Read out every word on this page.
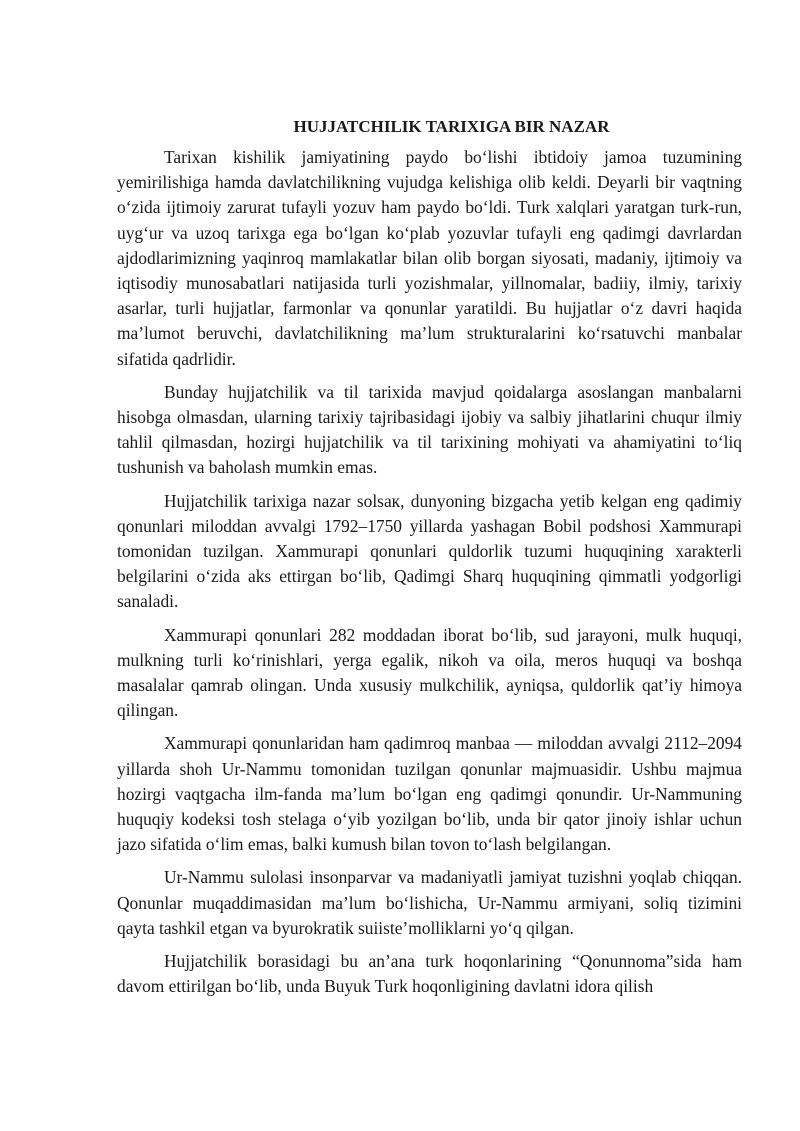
HUJJATCHILIK TARIXIGA BIR NAZAR

Tarixan kishilik jamiyatining paydo bo‘lishi ibtidoiy jamoa tuzumining yemirilishiga hamda davlatchilikning vujudga kelishiga olib keldi. Deyarli bir vaqtning o‘zida ijtimoiy zarurat tufayli yozuv ham paydo bo‘ldi. Turk xalqlari yaratgan turk-run, uyg‘ur va uzoq tarixga ega bo‘lgan ko‘plab yozuvlar tufayli eng qadimgi davrlardan ajdodlarimizning yaqinroq mamlakatlar bilan olib borgan siyosati, madaniy, ijtimoiy va iqtisodiy munosabatlari natijasida turli yozishmalar, yillnomalar, badiiy, ilmiy, tarixiy asarlar, turli hujjatlar, farmonlar va qonunlar yaratildi. Bu hujjatlar o‘z davri haqida ma’lumot beruvchi, davlatchilikning ma’lum strukturalarini ko‘rsatuvchi manbalar sifatida qadrlidir.

Bunday hujjatchilik va til tarixida mavjud qoidalarga asoslangan manbalarni hisobga olmasdan, ularning tarixiy tajribasidagi ijobiy va salbiy jihatlarini chuqur ilmiy tahlil qilmasdan, hozirgi hujjatchilik va til tarixining mohiyati va ahamiyatini to‘liq tushunish va baholash mumkin emas.

Hujjatchilik tarixiga nazar solsaк, dunyoning bizgacha yetib kelgan eng qadimiy qonunlari miloddan avvalgi 1792–1750 yillarda yashagan Bobil podshosi Xammurapi tomonidan tuzilgan. Xammurapi qonunlari quldorlik tuzumi huquqining xarakterli belgilarini o‘zida aks ettirgan bo‘lib, Qadimgi Sharq huquqining qimmatli yodgorligi sanaladi.

Xammurapi qonunlari 282 moddadan iborat bo‘lib, sud jarayoni, mulk huquqi, mulkning turli ko‘rinishlari, yerga egalik, nikoh va oila, meros huquqi va boshqa masalalar qamrab olingan. Unda xususiy mulkchilik, ayniqsa, quldorlik qat’iy himoya qilingan.

Xammurapi qonunlaridan ham qadimroq manbaa — miloddan avvalgi 2112–2094 yillarda shoh Ur-Nammu tomonidan tuzilgan qonunlar majmuasidir. Ushbu majmua hozirgi vaqtgacha ilm-fanda ma’lum bo‘lgan eng qadimgi qonundir. Ur-Nammuning huquqiy kodeksi tosh stelaga o‘yib yozilgan bo‘lib, unda bir qator jinoiy ishlar uchun jazo sifatida o‘lim emas, balki kumush bilan tovon to‘lash belgilangan.

Ur-Nammu sulolasi insonparvar va madaniyatli jamiyat tuzishni yoqlab chiqqan. Qonunlar muqaddimasidan ma’lum bo‘lishicha, Ur-Nammu armiyani, soliq tizimini qayta tashkil etgan va byurokratik suiiste’molliklarni yo‘q qilgan.

Hujjatchilik borasidagi bu an’ana turk hoqonlarining “Qonunnoma”sida ham davom ettirilgan bo‘lib, unda Buyuk Turk hoqonligining davlatni idora qilish
